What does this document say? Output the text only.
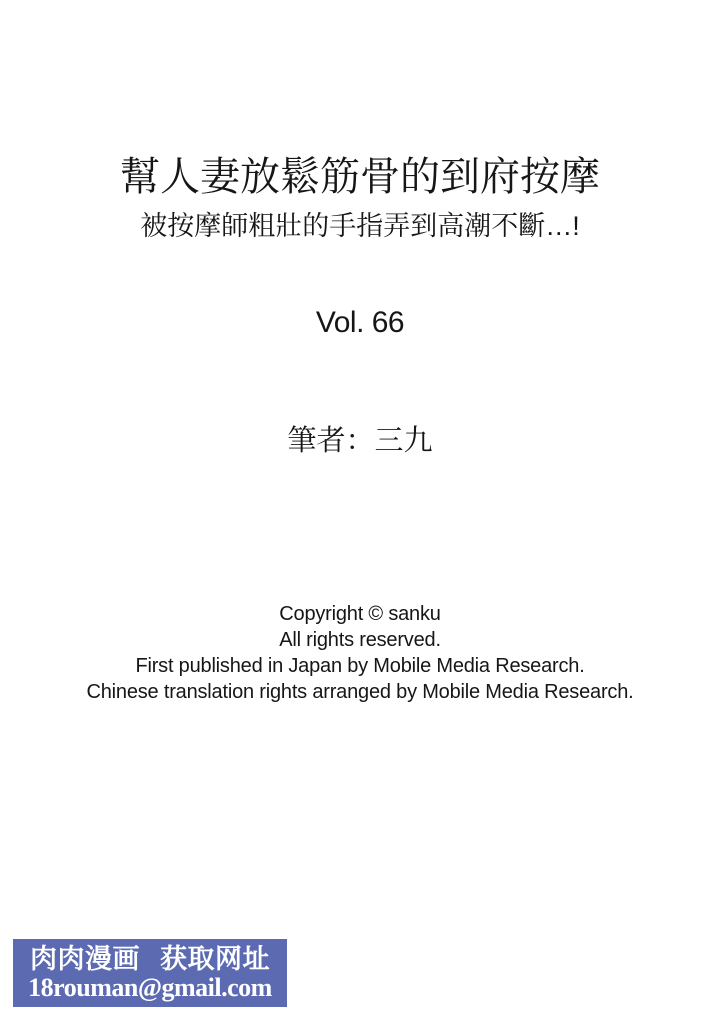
幫人妻放鬆筋骨的到府按摩
被按摩師粗壯的手指弄到高潮不斷…!
Vol. 66
筆者：三九
Copyright © sanku
All rights reserved.
First published in Japan by Mobile Media Research.
Chinese translation rights arranged by Mobile Media Research.
肉肉漫画 获取网址
18rouman@gmail.com
